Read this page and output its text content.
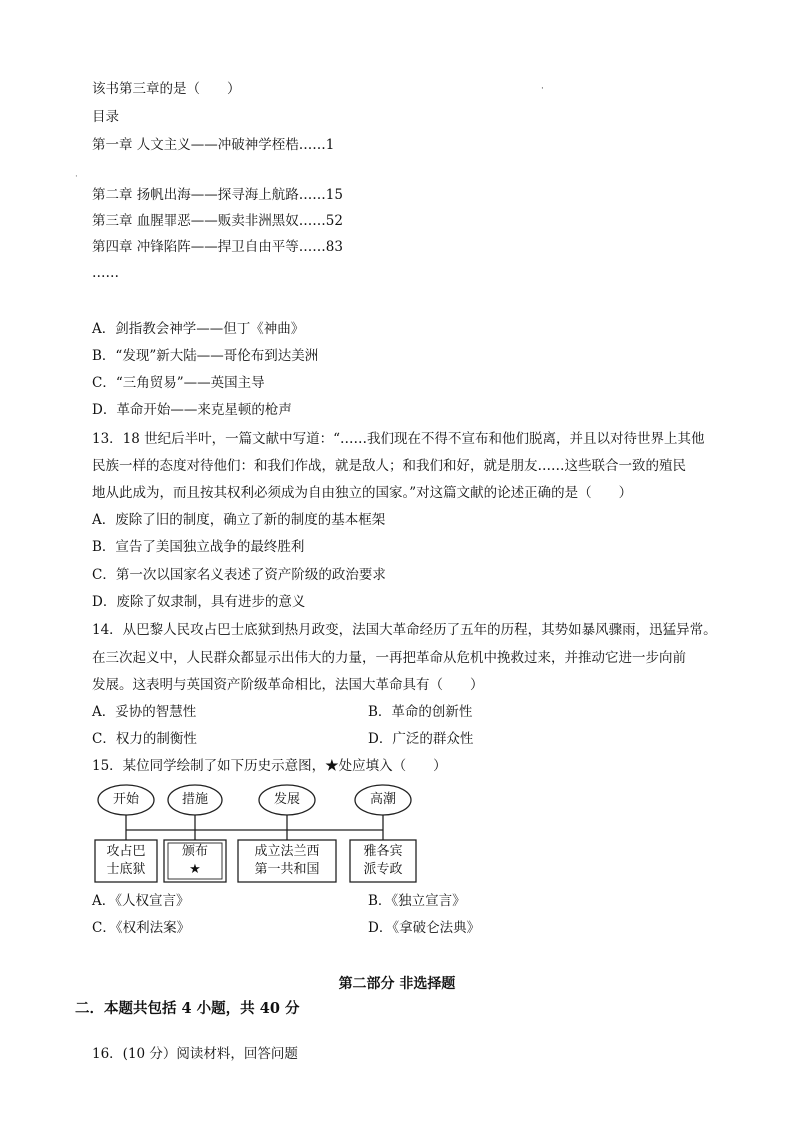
·
·
该书第三章的是（　　）
目录
第一章 人文主义——冲破神学桎梏……1
第二章 扬帆出海——探寻海上航路……15
第三章 血腥罪恶——贩卖非洲黑奴……52
第四章 冲锋陷阵——捍卫自由平等……83
……
A．剑指教会神学——但丁《神曲》
B．“发现”新大陆——哥伦布到达美洲
C．“三角贸易”——英国主导
D．革命开始——来克星顿的枪声
13．18 世纪后半叶，一篇文献中写道：“……我们现在不得不宣布和他们脱离，并且以对待世界上其他
民族一样的态度对待他们：和我们作战，就是敌人；和我们和好，就是朋友……这些联合一致的殖民
地从此成为，而且按其权利必须成为自由独立的国家。”对这篇文献的论述正确的是（　　）
A．废除了旧的制度，确立了新的制度的基本框架
B．宣告了美国独立战争的最终胜利
C．第一次以国家名义表述了资产阶级的政治要求
D．废除了奴隶制，具有进步的意义
14．从巴黎人民攻占巴士底狱到热月政变，法国大革命经历了五年的历程，其势如暴风骤雨，迅猛异常。
在三次起义中，人民群众都显示出伟大的力量，一再把革命从危机中挽救过来，并推动它进一步向前
发展。这表明与英国资产阶级革命相比，法国大革命具有（　　）
A．妥协的智慧性	B．革命的创新性
C．权力的制衡性	D．广泛的群众性
15．某位同学绘制了如下历史示意图，★处应填入（　　）
开始	措施	发展	高潮
攻占巴
士底狱
颁布
★
成立法兰西
第一共和国
雅各宾
派专政
A．《人权宣言》	B．《独立宣言》
C．《权利法案》	D．《拿破仑法典》
第二部分 非选择题
二．本题共包括 4 小题，共 40 分
16．(10 分）阅读材料，回答问题
